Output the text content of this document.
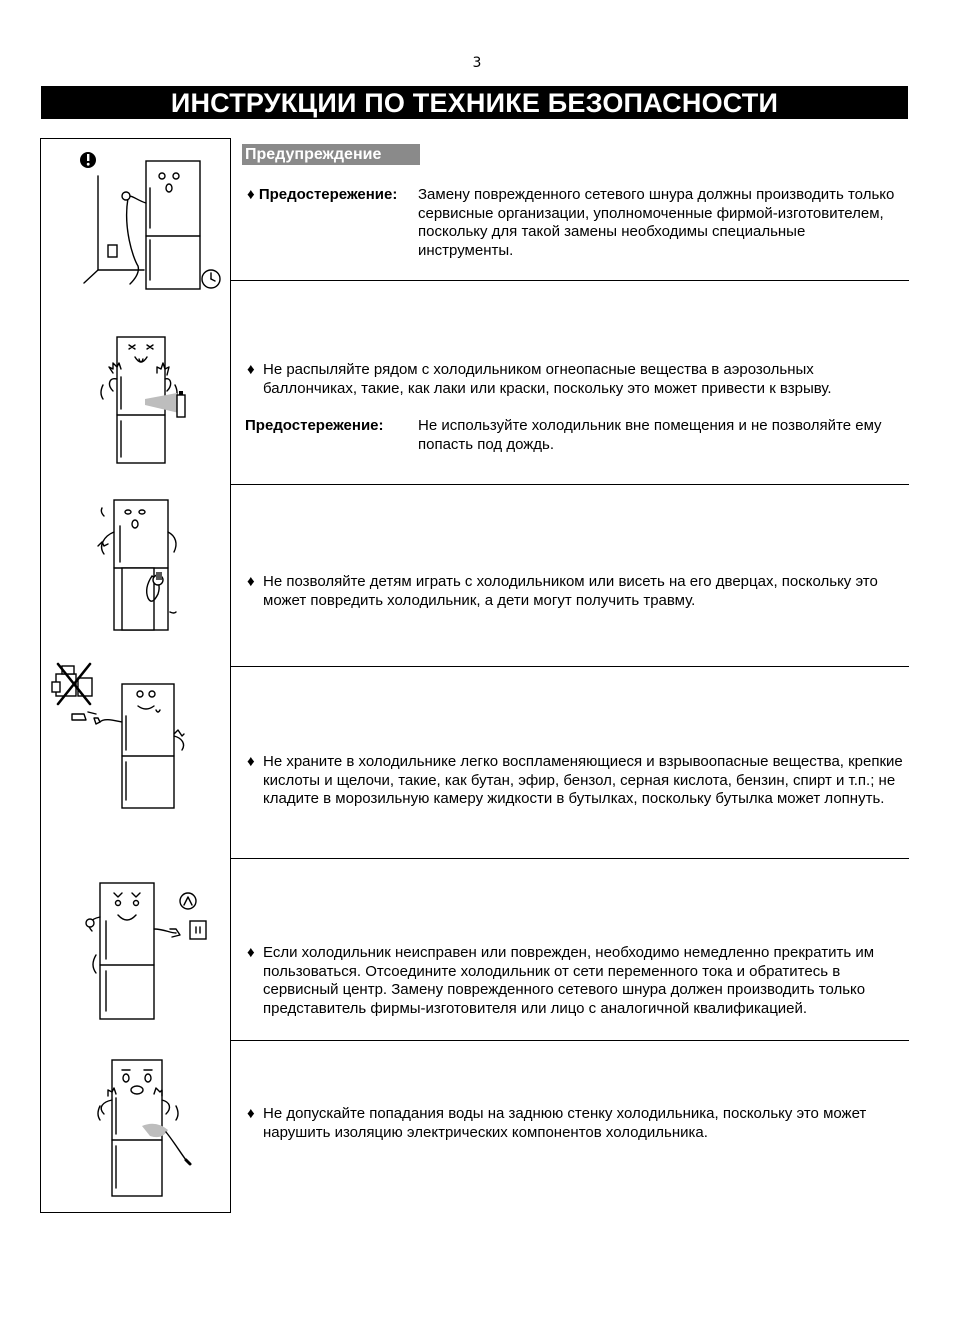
3
ИНСТРУКЦИИ ПО ТЕХНИКЕ БЕЗОПАСНОСТИ
Предупреждение
♦ Предостережение: Замену поврежденного сетевого шнура должны производить только сервисные организации, уполномоченные фирмой-изготовителем, поскольку для такой замены необходимы специальные инструменты.
♦ Не распыляйте рядом с холодильником огнеопасные вещества в аэрозольных баллончиках, такие, как лаки или краски, поскольку это может привести к взрыву.
Предостережение: Не используйте холодильник вне помещения и не позволяйте ему попасть под дождь.
♦ Не позволяйте детям играть с холодильником или висеть на его дверцах, поскольку это может повредить холодильник, а дети могут получить травму.
♦ Не храните в холодильнике легко воспламеняющиеся и взрывоопасные вещества, крепкие кислоты и щелочи, такие, как бутан, эфир, бензол, серная кислота, бензин, спирт и т.п.; не кладите в морозильную камеру жидкости в бутылках, поскольку бутылка может лопнуть.
♦ Если холодильник неисправен или поврежден, необходимо немедленно прекратить им пользоваться. Отсоедините холодильник от сети переменного тока и обратитесь в сервисный центр. Замену поврежденного сетевого шнура должен производить только представитель фирмы-изготовителя или лицо с аналогичной квалификацией.
♦ Не допускайте попадания воды на заднюю стенку холодильника, поскольку это может нарушить изоляцию электрических компонентов холодильника.
